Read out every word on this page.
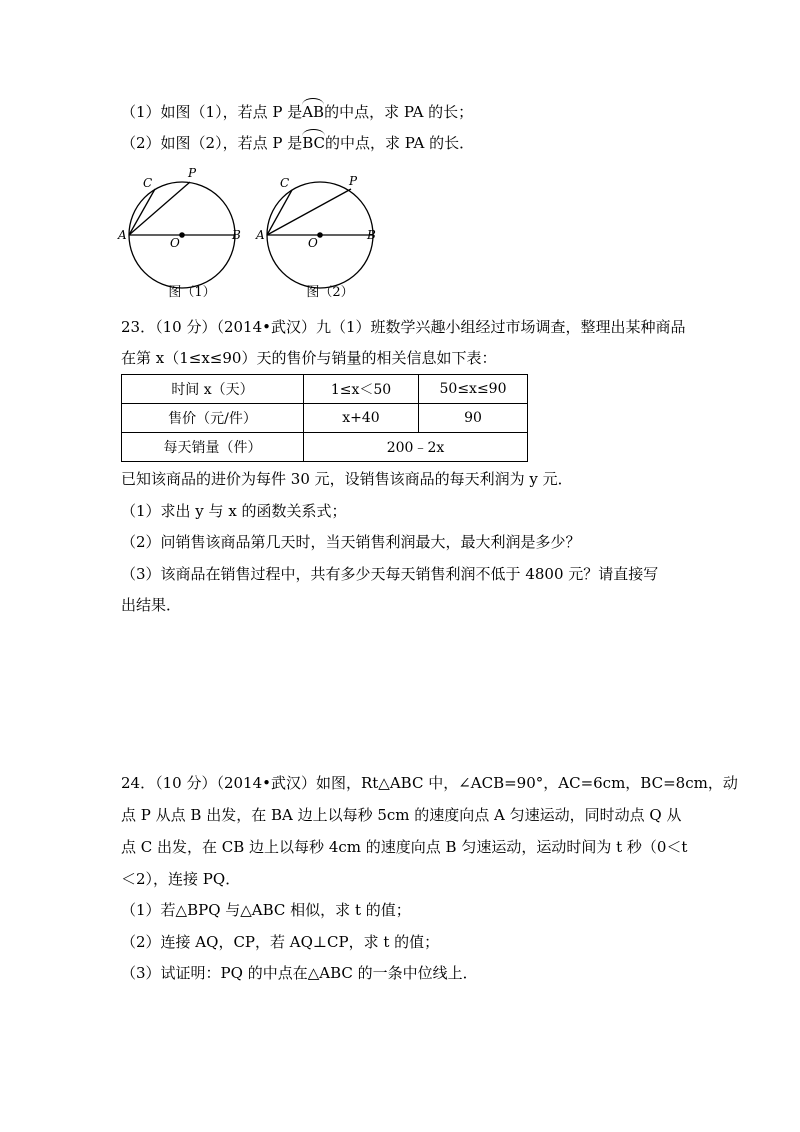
（1）如图（1），若点 P 是AB的中点，求 PA 的长；
（2）如图（2），若点 P 是BC的中点，求 PA 的长．
C
P
A
O
B
图（1）
C	P
A
O
B
图（2）
23．（10 分）（2014•武汉）九（1）班数学兴趣小组经过市场调查，整理出某种商品
在第 x（1≤x≤90）天的售价与销量的相关信息如下表：
时间 x（天）	1≤x＜50	50≤x≤90
售价（元/件）	x+40	90
每天销量（件）	200﹣2x	
已知该商品的进价为每件 30 元，设销售该商品的每天利润为 y 元．
（1）求出 y 与 x 的函数关系式；
（2）问销售该商品第几天时，当天销售利润最大，最大利润是多少？
（3）该商品在销售过程中，共有多少天每天销售利润不低于 4800 元？请直接写
出结果．
24．（10 分）（2014•武汉）如图，Rt△ABC 中，∠ACB=90°，AC=6cm，BC=8cm，动
点 P 从点 B 出发，在 BA 边上以每秒 5cm 的速度向点 A 匀速运动，同时动点 Q 从
点 C 出发，在 CB 边上以每秒 4cm 的速度向点 B 匀速运动，运动时间为 t 秒（0＜t
＜2），连接 PQ．
（1）若△BPQ 与△ABC 相似，求 t 的值；
（2）连接 AQ，CP，若 AQ⊥CP，求 t 的值；
（3）试证明：PQ 的中点在△ABC 的一条中位线上．
